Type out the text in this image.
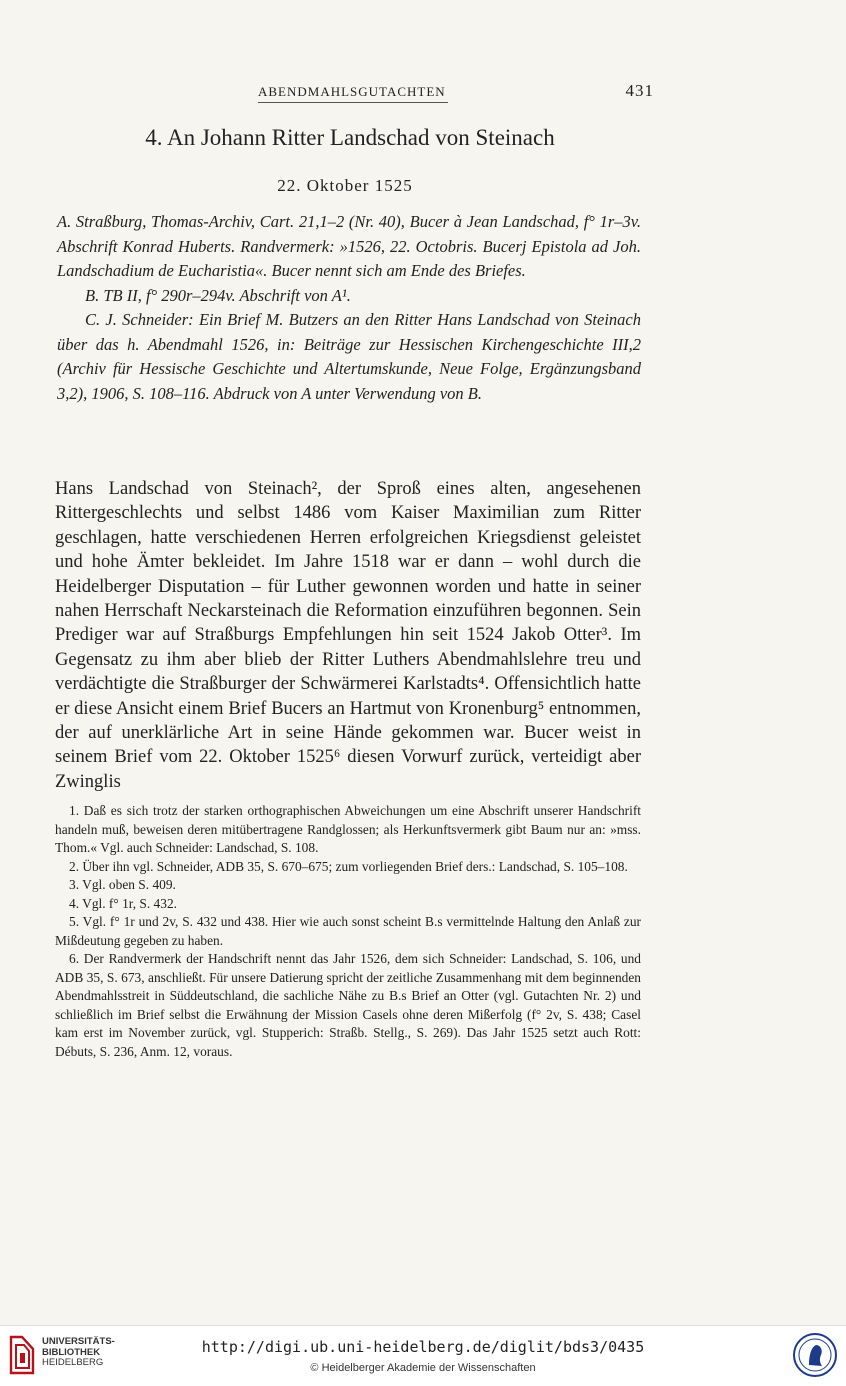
ABENDMAHLSGUTACHTEN	431
4. An Johann Ritter Landschad von Steinach
22. Oktober 1525

A. Straßburg, Thomas-Archiv, Cart. 21,1–2 (Nr. 40), Bucer à Jean Landschad, f° 1r–3v. Abschrift Konrad Huberts. Randvermerk: »1526, 22. Octobris. Bucerj Epistola ad Joh. Landschadium de Eucharistia«. Bucer nennt sich am Ende des Briefes.

B. TB II, f° 290r–294v. Abschrift von A¹.

C. J. Schneider: Ein Brief M. Butzers an den Ritter Hans Landschad von Steinach über das h. Abendmahl 1526, in: Beiträge zur Hessischen Kirchengeschichte III,2 (Archiv für Hessische Geschichte und Altertumskunde, Neue Folge, Ergänzungsband 3,2), 1906, S. 108–116. Abdruck von A unter Verwendung von B.

Hans Landschad von Steinach², der Sproß eines alten, angesehenen Rittergeschlechts und selbst 1486 vom Kaiser Maximilian zum Ritter geschlagen, hatte verschiedenen Herren erfolgreichen Kriegsdienst geleistet und hohe Ämter bekleidet. Im Jahre 1518 war er dann – wohl durch die Heidelberger Disputation – für Luther gewonnen worden und hatte in seiner nahen Herrschaft Neckarsteinach die Reformation einzuführen begonnen. Sein Prediger war auf Straßburgs Empfehlungen hin seit 1524 Jakob Otter³. Im Gegensatz zu ihm aber blieb der Ritter Luthers Abendmahlslehre treu und verdächtigte die Straßburger der Schwärmerei Karlstadts⁴. Offensichtlich hatte er diese Ansicht einem Brief Bucers an Hartmut von Kronenburg⁵ entnommen, der auf unerklärliche Art in seine Hände gekommen war. Bucer weist in seinem Brief vom 22. Oktober 1525⁶ diesen Vorwurf zurück, verteidigt aber Zwinglis

1. Daß es sich trotz der starken orthographischen Abweichungen um eine Abschrift unserer Handschrift handeln muß, beweisen deren mitübertragene Randglossen; als Herkunftsvermerk gibt Baum nur an: »mss. Thom.« Vgl. auch Schneider: Landschad, S. 108.

2. Über ihn vgl. Schneider, ADB 35, S. 670–675; zum vorliegenden Brief ders.: Landschad, S. 105–108.

3. Vgl. oben S. 409.

4. Vgl. f° 1r, S. 432.

5. Vgl. f° 1r und 2v, S. 432 und 438. Hier wie auch sonst scheint B.s vermittelnde Haltung den Anlaß zur Mißdeutung gegeben zu haben.

6. Der Randvermerk der Handschrift nennt das Jahr 1526, dem sich Schneider: Landschad, S. 106, und ADB 35, S. 673, anschließt. Für unsere Datierung spricht der zeitliche Zusammenhang mit dem beginnenden Abendmahlsstreit in Süddeutschland, die sachliche Nähe zu B.s Brief an Otter (vgl. Gutachten Nr. 2) und schließlich im Brief selbst die Erwähnung der Mission Casels ohne deren Mißerfolg (f° 2v, S. 438; Casel kam erst im November zurück, vgl. Stupperich: Straßb. Stellg., S. 269). Das Jahr 1525 setzt auch Rott: Débuts, S. 236, Anm. 12, voraus.

UNIVERSITÄTS-
BIBLIOTHEK
HEIDELBERG
http://digi.ub.uni-heidelberg.de/diglit/bds3/0435
© Heidelberger Akademie der Wissenschaften
